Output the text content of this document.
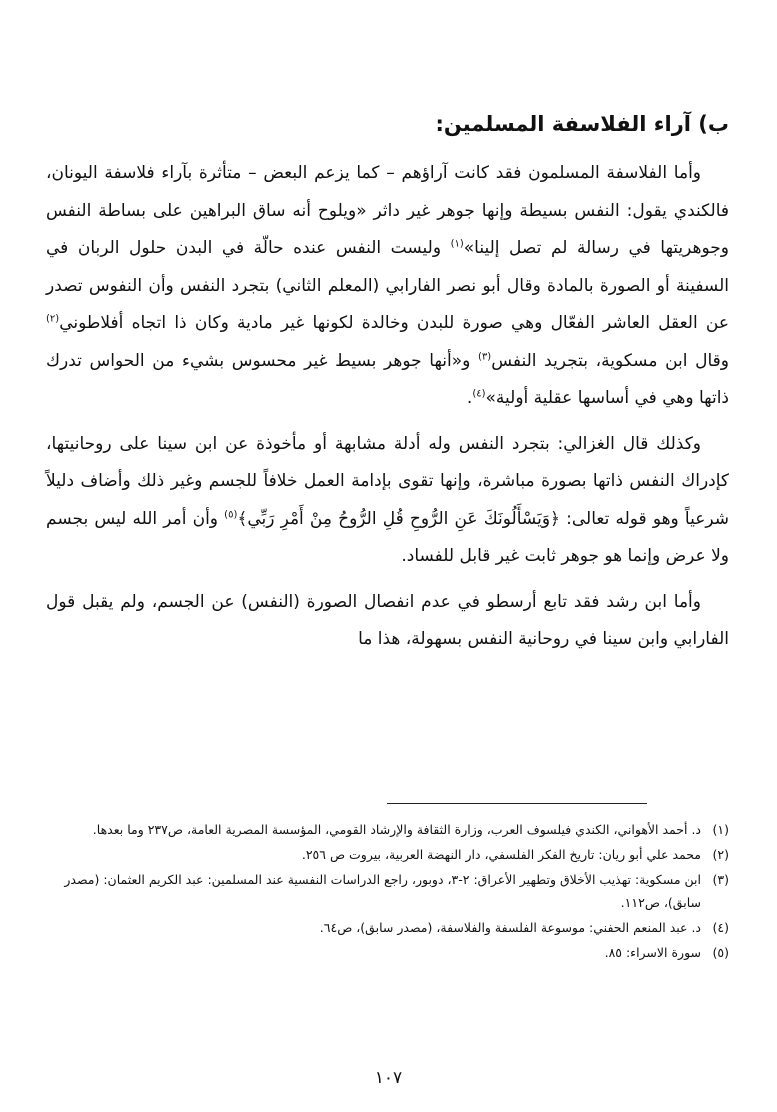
ب) آراء الفلاسفة المسلمين:

وأما الفلاسفة المسلمون فقد كانت آراؤهم – كما يزعم البعض – متأثرة بآراء فلاسفة اليونان، فالكندي يقول: النفس بسيطة وإنها جوهر غير داثر «ويلوح أنه ساق البراهين على بساطة النفس وجوهريتها في رسالة لم تصل إلينا»$^{(١)}$ وليست النفس عنده حالّة في البدن حلول الربان في السفينة أو الصورة بالمادة وقال أبو نصر الفارابي (المعلم الثاني) بتجرد النفس وأن النفوس تصدر عن العقل العاشر الفعّال وهي صورة للبدن وخالدة لكونها غير مادية وكان ذا اتجاه أفلاطوني$^{(٢)}$ وقال ابن مسكوية، بتجريد النفس$^{(٣)}$ و«أنها جوهر بسيط غير محسوس بشيء من الحواس تدرك ذاتها وهي في أساسها عقلية أولية»$^{(٤)}$.

وكذلك قال الغزالي: بتجرد النفس وله أدلة مشابهة أو مأخوذة عن ابن سينا على روحانيتها، كإدراك النفس ذاتها بصورة مباشرة، وإنها تقوى بإدامة العمل خلافاً للجسم وغير ذلك وأضاف دليلاً شرعياً وهو قوله تعالى: ﴿وَيَسْأَلُونَكَ عَنِ الرُّوحِ قُلِ الرُّوحُ مِنْ أَمْرِ رَبِّي﴾$^{(٥)}$ وأن أمر الله ليس بجسم ولا عرض وإنما هو جوهر ثابت غير قابل للفساد.

وأما ابن رشد فقد تابع أرسطو في عدم انفصال الصورة (النفس) عن الجسم، ولم يقبل قول الفارابي وابن سينا في روحانية النفس بسهولة، هذا ما

(١)د. أحمد الأهواني، الكندي فيلسوف العرب، وزارة الثقافة والإرشاد القومي، المؤسسة المصرية العامة، ص٢٣٧ وما بعدها.
(٢)محمد علي أبو ريان: تاريخ الفكر الفلسفي، دار النهضة العربية، بيروت ص ٢٥٦.
(٣)ابن مسكوية: تهذيب الأخلاق وتطهير الأعراق: ٢-٣، دوبور، راجع الدراسات النفسية عند المسلمين: عبد الكريم العثمان: (مصدر سابق)، ص١١٢.
(٤)د. عبد المنعم الحفني: موسوعة الفلسفة والفلاسفة، (مصدر سابق)، ص٦٤.
(٥)سورة الاسراء: ٨٥.
١٠٧
